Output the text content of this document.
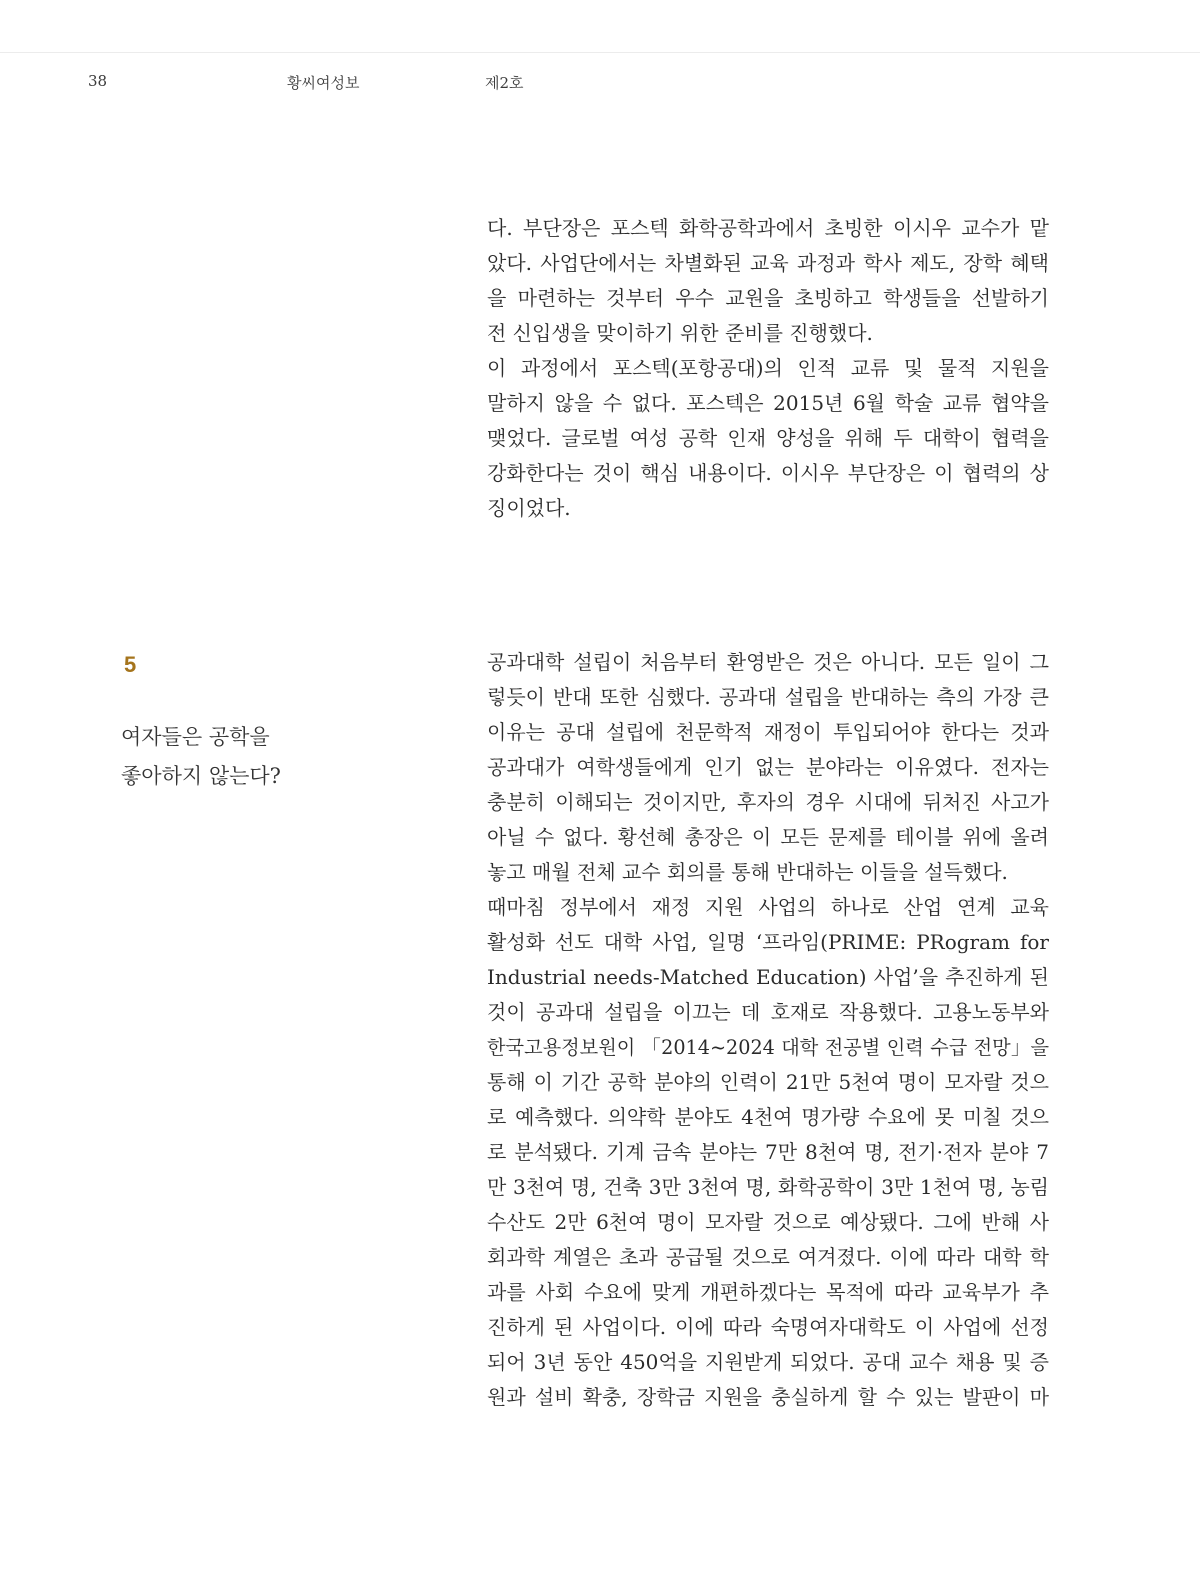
38	황씨여성보	제2호

다. 부단장은 포스텍 화학공학과에서 초빙한 이시우 교수가 맡

았다. 사업단에서는 차별화된 교육 과정과 학사 제도, 장학 혜택

을 마련하는 것부터 우수 교원을 초빙하고 학생들을 선발하기

전 신입생을 맞이하기 위한 준비를 진행했다.

이 과정에서 포스텍(포항공대)의 인적 교류 및 물적 지원을

말하지 않을 수 없다. 포스텍은 2015년 6월 학술 교류 협약을

맺었다. 글로벌 여성 공학 인재 양성을 위해 두 대학이 협력을

강화한다는 것이 핵심 내용이다. 이시우 부단장은 이 협력의 상

징이었다.

5
여자들은 공학을
좋아하지 않는다?

공과대학 설립이 처음부터 환영받은 것은 아니다. 모든 일이 그

렇듯이 반대 또한 심했다. 공과대 설립을 반대하는 측의 가장 큰

이유는 공대 설립에 천문학적 재정이 투입되어야 한다는 것과

공과대가 여학생들에게 인기 없는 분야라는 이유였다. 전자는

충분히 이해되는 것이지만, 후자의 경우 시대에 뒤처진 사고가

아닐 수 없다. 황선혜 총장은 이 모든 문제를 테이블 위에 올려

놓고 매월 전체 교수 회의를 통해 반대하는 이들을 설득했다.

때마침 정부에서 재정 지원 사업의 하나로 산업 연계 교육

활성화 선도 대학 사업, 일명 ‘프라임(PRIME: PRogram for

Industrial needs-Matched Education) 사업’을 추진하게 된

것이 공과대 설립을 이끄는 데 호재로 작용했다. 고용노동부와

한국고용정보원이 「2014~2024 대학 전공별 인력 수급 전망」을

통해 이 기간 공학 분야의 인력이 21만 5천여 명이 모자랄 것으

로 예측했다. 의약학 분야도 4천여 명가량 수요에 못 미칠 것으

로 분석됐다. 기계 금속 분야는 7만 8천여 명, 전기·전자 분야 7

만 3천여 명, 건축 3만 3천여 명, 화학공학이 3만 1천여 명, 농림

수산도 2만 6천여 명이 모자랄 것으로 예상됐다. 그에 반해 사

회과학 계열은 초과 공급될 것으로 여겨졌다. 이에 따라 대학 학

과를 사회 수요에 맞게 개편하겠다는 목적에 따라 교육부가 추

진하게 된 사업이다. 이에 따라 숙명여자대학도 이 사업에 선정

되어 3년 동안 450억을 지원받게 되었다. 공대 교수 채용 및 증

원과 설비 확충, 장학금 지원을 충실하게 할 수 있는 발판이 마
